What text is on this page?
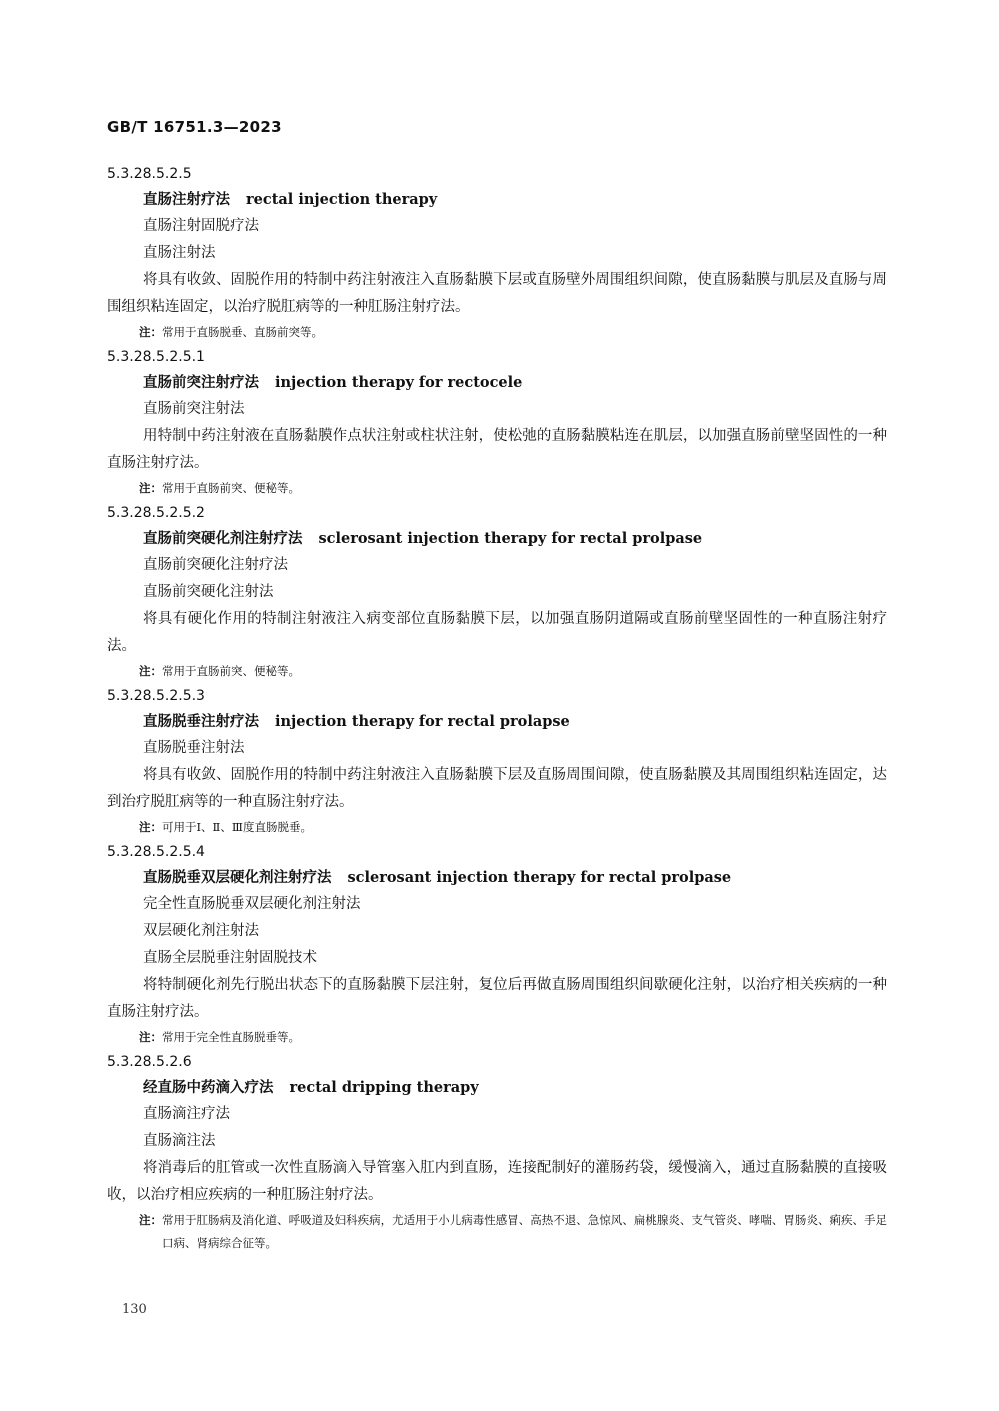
GB/T 16751.3—2023
5.3.28.5.2.5
直肠注射疗法 rectal injection therapy
直肠注射固脱疗法
直肠注射法
将具有收敛、固脱作用的特制中药注射液注入直肠黏膜下层或直肠壁外周围组织间隙，使直肠黏膜与肌层及直肠与周围组织粘连固定，以治疗脱肛病等的一种肛肠注射疗法。
注：常用于直肠脱垂、直肠前突等。
5.3.28.5.2.5.1
直肠前突注射疗法 injection therapy for rectocele
直肠前突注射法
用特制中药注射液在直肠黏膜作点状注射或柱状注射，使松弛的直肠黏膜粘连在肌层，以加强直肠前壁坚固性的一种直肠注射疗法。
注：常用于直肠前突、便秘等。
5.3.28.5.2.5.2
直肠前突硬化剂注射疗法 sclerosant injection therapy for rectal prolpase
直肠前突硬化注射疗法
直肠前突硬化注射法
将具有硬化作用的特制注射液注入病变部位直肠黏膜下层，以加强直肠阴道隔或直肠前壁坚固性的一种直肠注射疗法。
注：常用于直肠前突、便秘等。
5.3.28.5.2.5.3
直肠脱垂注射疗法 injection therapy for rectal prolapse
直肠脱垂注射法
将具有收敛、固脱作用的特制中药注射液注入直肠黏膜下层及直肠周围间隙，使直肠黏膜及其周围组织粘连固定，达到治疗脱肛病等的一种直肠注射疗法。
注：可用于Ⅰ、Ⅱ、Ⅲ度直肠脱垂。
5.3.28.5.2.5.4
直肠脱垂双层硬化剂注射疗法 sclerosant injection therapy for rectal prolpase
完全性直肠脱垂双层硬化剂注射法
双层硬化剂注射法
直肠全层脱垂注射固脱技术
将特制硬化剂先行脱出状态下的直肠黏膜下层注射，复位后再做直肠周围组织间歇硬化注射，以治疗相关疾病的一种直肠注射疗法。
注：常用于完全性直肠脱垂等。
5.3.28.5.2.6
经直肠中药滴入疗法 rectal dripping therapy
直肠滴注疗法
直肠滴注法
将消毒后的肛管或一次性直肠滴入导管塞入肛内到直肠，连接配制好的灌肠药袋，缓慢滴入，通过直肠黏膜的直接吸收，以治疗相应疾病的一种肛肠注射疗法。
注： 常用于肛肠病及消化道、呼吸道及妇科疾病，尤适用于小儿病毒性感冒、高热不退、急惊风、扁桃腺炎、支气管炎、哮喘、胃肠炎、痢疾、手足口病、肾病综合征等。
130
